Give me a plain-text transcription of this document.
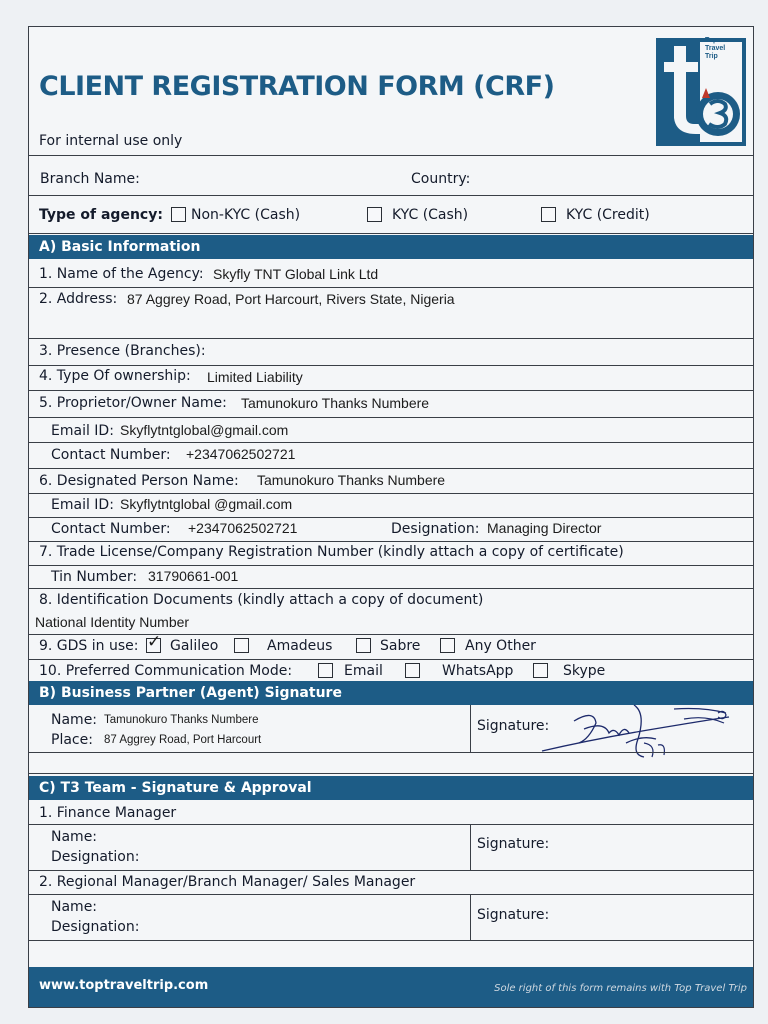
CLIENT REGISTRATION FORM (CRF)
Top
Travel
Trip
For internal use only
Branch Name:	Country:
Type of agency: Non-KYC (Cash)	KYC (Cash)	KYC (Credit)
A) Basic Information
1. Name of the Agency: Skyfly TNT Global Link Ltd
2. Address: 87 Aggrey Road, Port Harcourt, Rivers State, Nigeria
3. Presence (Branches):
4. Type Of ownership: Limited Liability
5. Proprietor/Owner Name: Tamunokuro Thanks Numbere
Email ID: Skyflytntglobal@gmail.com
Contact Number: +2347062502721
6. Designated Person Name: Tamunokuro Thanks Numbere
Email ID: Skyflytntglobal @gmail.com
Contact Number: +2347062502721	Designation: Managing Director
7. Trade License/Company Registration Number (kindly attach a copy of certificate)
Tin Number: 31790661-001
8. Identification Documents (kindly attach a copy of document)
National Identity Number
9. GDS in use: ✓ Galileo	Amadeus	Sabre	Any Other
10. Preferred Communication Mode:	Email	WhatsApp	Skype
B) Business Partner (Agent) Signature
Name: Tamunokuro Thanks Numbere
Place: 87 Aggrey Road, Port Harcourt
Signature:
C) T3 Team - Signature & Approval
1. Finance Manager
Name:
Designation:
Signature:
2. Regional Manager/Branch Manager/ Sales Manager
Name:
Designation:
Signature:
www.toptraveltrip.com	Sole right of this form remains with Top Travel Trip
